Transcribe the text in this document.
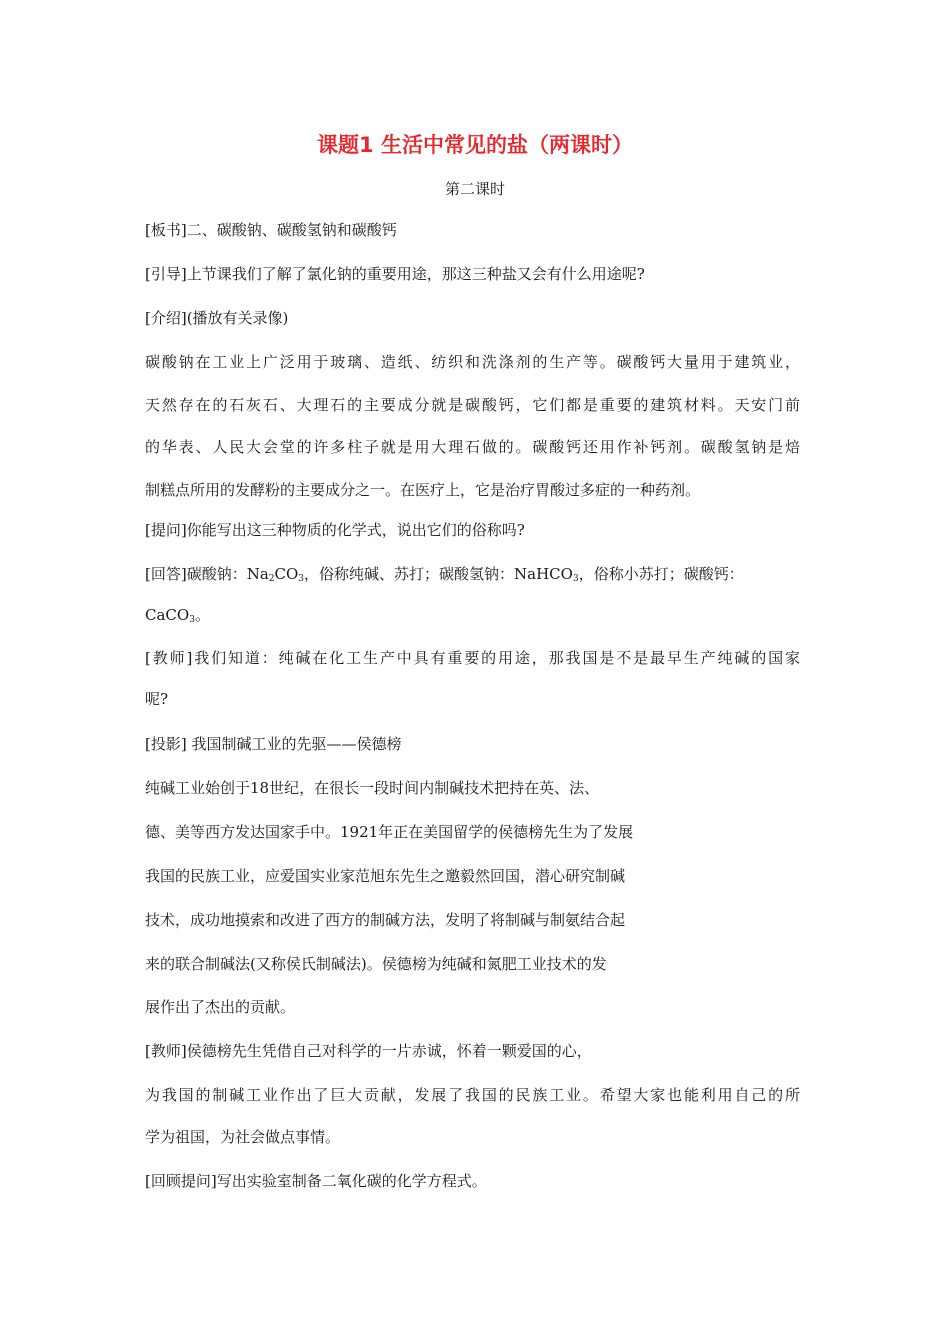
课题1 生活中常见的盐（两课时）
第二课时
[板书]二、碳酸钠、碳酸氢钠和碳酸钙
[引导]上节课我们了解了氯化钠的重要用途，那这三种盐又会有什么用途呢?
[介绍](播放有关录像)
碳酸钠在工业上广泛用于玻璃、造纸、纺织和洗涤剂的生产等。碳酸钙大量用于建筑业，
天然存在的石灰石、大理石的主要成分就是碳酸钙，它们都是重要的建筑材料。天安门前
的华表、人民大会堂的许多柱子就是用大理石做的。碳酸钙还用作补钙剂。碳酸氢钠是焙
制糕点所用的发酵粉的主要成分之一。在医疗上，它是治疗胃酸过多症的一种药剂。
[提问]你能写出这三种物质的化学式，说出它们的俗称吗?
[回答]碳酸钠：$Na_2CO_3$，俗称纯碱、苏打；碳酸氢钠：NaHCO$_3$，俗称小苏打；碳酸钙：
CaCO$_3$。
[教师]我们知道：纯碱在化工生产中具有重要的用途，那我国是不是最早生产纯碱的国家
呢?
[投影] 我国制碱工业的先驱——侯德榜
纯碱工业始创于18世纪，在很长一段时间内制碱技术把持在英、法、
德、美等西方发达国家手中。1921年正在美国留学的侯德榜先生为了发展
我国的民族工业，应爱国实业家范旭东先生之邀毅然回国，潜心研究制碱
技术，成功地摸索和改进了西方的制碱方法，发明了将制碱与制氨结合起
来的联合制碱法(又称侯氏制碱法)。侯德榜为纯碱和氮肥工业技术的发
展作出了杰出的贡献。
[教师]侯德榜先生凭借自己对科学的一片赤诚，怀着一颗爱国的心，
为我国的制碱工业作出了巨大贡献，发展了我国的民族工业。希望大家也能利用自己的所
学为祖国，为社会做点事情。
[回顾提问]写出实验室制备二氧化碳的化学方程式。
